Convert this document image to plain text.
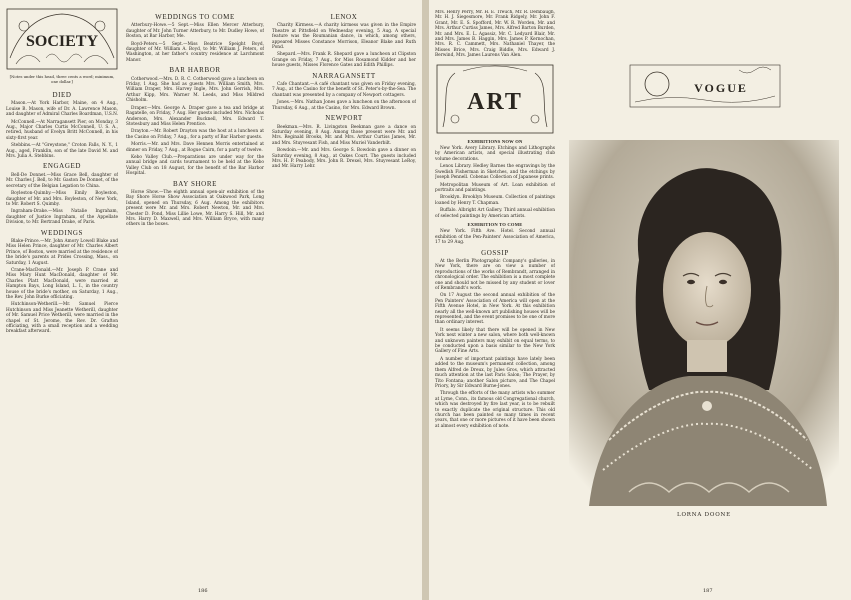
SOCIETY
[Notes under this head, three cents a word; minimum, one dollar.]
DIED

Mason.—At York Harbor, Maine, on 4 Aug., Louise B. Mason, wife of Dr. A. Lawrence Mason, and daughter of Admiral Charles Boardman, U.S.N.

McConnell.—At Narragansett Pier, on Monday, 3 Aug., Major Charles Curtis McConnell, U. S. A., retired, husband of Evelyn Britt McConnell, in his sixty-first year.

Stebbins.—At "Greystone," Croton Falls, N. Y., 1 Aug., aged, Franklin, son of the late David M. and Mrs. Julia A. Stebbins.

ENGAGED

Bell-De Donnet.—Miss Grace Bell, daughter of Mr. Charles J. Bell, to Mr. Gaston De Donnet, of the secretary of the Belgian Legation to China.

Boyleston-Quimby.—Miss Emily Boyleston, daughter of Mr. and Mrs. Boyleston, of New York, to Mr. Robert S. Quimby.

Ingraham-Drake.—Miss Natalie Ingraham, daughter of Justice Ingraham, of the Appellate Division, to Mr. Bertrand Drake, of Paris.

WEDDINGS

Blake-Prince.—Mr. John Amory Lowell Blake and Miss Helen Prince, daughter of Mr. Charles Albert Prince, of Boston, were married at the residence of the bride's parents at Prides Crossing, Mass., on Saturday, 1 August.

Crane-MacDonald.—Mr. Joseph P. Crane and Miss Mary Hunt MacDonald, daughter of Mr. Charles Platt MacDonald, were married at Hampton Bays, Long Island, L. I., in the country house of the bride's mother, on Saturday, 1 Aug., the Rev. John Burke officiating.

Hutchinson-Wetherill.—Mr. Samuel Pierce Hutchinson and Miss Jeanette Wetherill, daughter of Mr. Samuel Price Wetherill, were married in the chapel of St. Jerome, the Rev. Dr. Grafton officiating, with a small reception and a wedding breakfast afterward.

WEDDINGS TO COME

Atterbury-Howe.—5 Sept.—Miss Ellen Mercer Atterbury, daughter of Mr. John Turner Atterbury, to Mr. Dudley Howe, of Boston, at Bar Harbor, Me.

Boyd-Peters.—5 Sept.—Miss Beatrice Speight Boyd, daughter of Mr. William A. Boyd, to Mr. William J. Peters, of Washington, at her father's country residence at Larchmont Manor.

BAR HARBOR

Cotherwood.—Mrs. D. R. C. Cotherwood gave a luncheon on Friday, 1 Aug. She had as guests Mrs. William Smith, Mrs. William Draper, Mrs. Harvey Ingle, Mrs. John Gerrish, Mrs. Arthur Kipp, Mrs. Warner M. Leeds, and Miss Mildred Chisholm.

Draper.—Mrs. George A. Draper gave a tea and bridge at Ragatelle, on Friday, 7 Aug. Her guests included Mrs. Nicholas Anderson, Mrs. Alexander Bucknell, Mrs. Edward T. Stotesbury and Miss Helen Prentice.

Drayton.—Mr. Robert Drayton was the host at a luncheon at the Casino on Friday, 7 Aug., for a party of Bar Harbor guests.

Morris.—Mr. and Mrs. Dave Hennen Morris entertained at dinner on Friday, 7 Aug., at Rogue Cairn, for a party of twelve.

Kebo Valley Club.—Preparations are under way for the annual bridge and cards tournament to be held at the Kebo Valley Club on 18 August, for the benefit of the Bar Harbor Hospital.

BAY SHORE

Horse Show.—The eighth annual open-air exhibition of the Bay Shore Horse Show Association at Oakwood Park, Long Island, opened on Thursday, 6 Aug. Among the exhibitors present were Mr. and Mrs. Robert Newton, Mr. and Mrs. Chester D. Pond, Miss Lillie Lowe, Mr. Harry S. Hill, Mr. and Mrs. Harry D. Maxwell, and Mrs. William Bryce, with many others in the boxes.

LENOX

Charity Kirmess.—A charity kirmess was given in the Empire Theatre at Pittsfield on Wednesday evening, 5 Aug. A special feature was the Roumanian dance, in which, among others, appeared Misses Constance Morrison, Eleanor Blake and Ruth Pond.

Shepard.—Mrs. Frank R. Shepard gave a luncheon at Clipston Grange on Friday, 7 Aug., for Miss Rosamond Kidder and her house guests, Misses Florence Gates and Edith Phillips.

NARRAGANSETT

Cafe Chantant.—A café chantant was given on Friday evening, 7 Aug., at the Casino for the benefit of St. Peter's-by-the-Sea. The chantant was presented by a company of Newport cottagers.

Jones.—Mrs. Nathan Jones gave a luncheon on the afternoon of Thursday, 6 Aug., at the Casino, for Mrs. Edward Brown.

NEWPORT

Beekman.—Mrs. R. Livingston Beekman gave a dance on Saturday evening, 8 Aug. Among those present were Mr. and Mrs. Reginald Brooks, Mr. and Mrs. Arthur Curtiss James, Mr. and Mrs. Stuyvesant Fish, and Miss Muriel Vanderbilt.

Bowdoin.—Mr. and Mrs. George S. Bowdoin gave a dinner on Saturday evening, 8 Aug., at Oakes Court. The guests included Mrs. H. P. Peabody, Mrs. John R. Drexel, Mrs. Stuyvesant LeRoy, and Mr. Harry Lehr.

186

Mrs. Henry Perry, Mr. H. E. Treuch, Mr. R. Dembaugh, Mr. H. J. Siegesmore, Mr. Frank Ridgely, Mr. John F. Grant, Mr. E. S. Spofford, Mr. W. R. Worden, Mr. and Mrs. Arthur Curtiss James, Mrs. Alfred Barton Burden, Mr. and Mrs. E. L. Agassiz, Mr. C. Ledyard Blair, Mr. and Mrs. James B. Haggin, Mrs. James P. Kernochan, Mrs. R. C. Cammett, Mrs. Nathaniel Thayer, the Misses Brice, Mrs. Craig Biddle, Mrs. Edward J. Berwind, Mrs. James Laurens Van Alen.

ART
EXHIBITIONS NOW ON

New York. Avery Library. Etchings and Lithographs by American artists, and special illustrating club volume decorations.

Lenox Library. Hedley Barnes the engravings by the Swedish Fisherman in Sketches, and the etchings by Joseph Pennell. Cobenas Collection of Japanese prints.

Metropolitan Museum of Art. Loan exhibition of portraits and paintings.

Brooklyn. Brooklyn Museum. Collection of paintings loaned by Henry T. Chapman.

Buffalo. Albright Art Gallery. Third annual exhibition of selected paintings by American artists.

EXHIBITION TO COME

New York. Fifth Ave. Hotel. Second annual exhibition of the Pen-Painters' Association of America, 17 to 29 Aug.

GOSSIP

At the Berlin Photographic Company's galleries, in New York, there are on view a number of reproductions of the works of Rembrandt, arranged in chronological order. The exhibition is a most complete one and should not be missed by any student or lover of Rembrandt's work.

On 17 August the second annual exhibition of the Pen Painters' Association of America will open at the Fifth Avenue Hotel, in New York. At this exhibition nearly all the well-known art publishing houses will be represented, and the event promises to be one of more than ordinary interest.

It seems likely that there will be opened in New York next winter a new salon, where both well-known and unknown painters may exhibit on equal terms, to be conducted upon a basis similar to the New York Gallery of Fine Arts.

A number of important paintings have lately been added to the museum's permanent collection, among them Alfred de Dreux, by Jules Gros, which attracted much attention at the last Paris Salon; The Prayer, by Tito Fontana; another Salon picture, and The Chapel Priory, by Sir Edward Burne-Jones.

Through the efforts of the many artists who summer at Lyme, Conn., its famous old Congregational church, which was destroyed by fire last year, is to be rebuilt to exactly duplicate the original structure. This old church has been painted so many times in recent years, that one or more pictures of it have been shown at almost every exhibition of note.

VOGUE
LORNA DOONE
187
